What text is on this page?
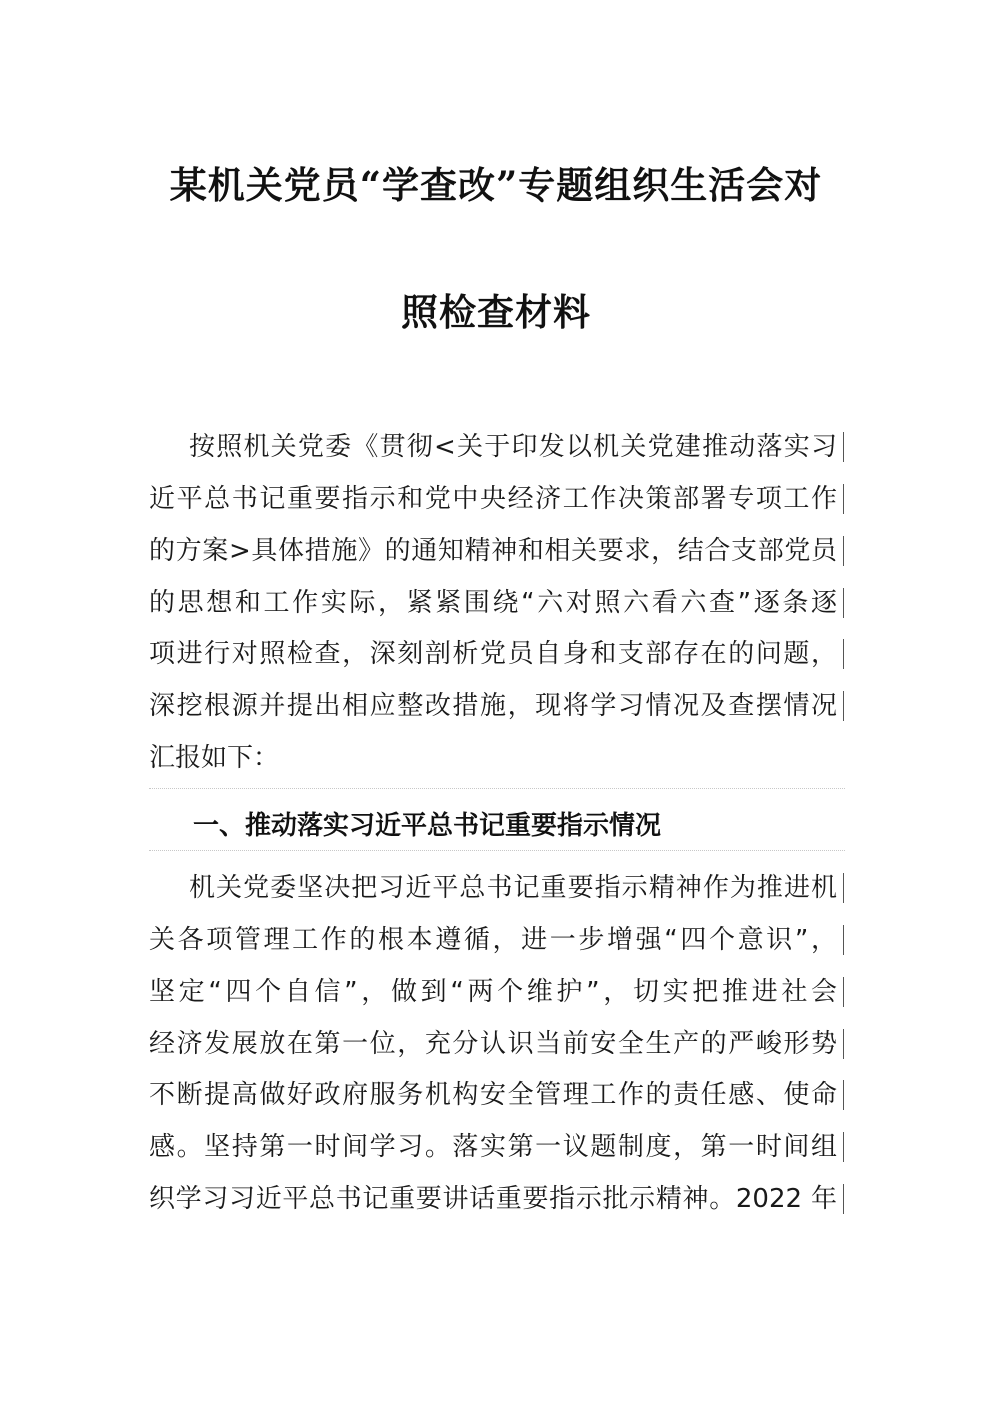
某机关党员“学查改”专题组织生活会对
照检查材料
按照机关党委《贯彻<关于印发以机关党建推动落实习
近平总书记重要指示和党中央经济工作决策部署专项工作
的方案>具体措施》的通知精神和相关要求，结合支部党员
的思想和工作实际，紧紧围绕“六对照六看六查”逐条逐
项进行对照检查，深刻剖析党员自身和支部存在的问题，
深挖根源并提出相应整改措施，现将学习情况及查摆情况
汇报如下：
一、推动落实习近平总书记重要指示情况
机关党委坚决把习近平总书记重要指示精神作为推进机
关各项管理工作的根本遵循，进一步增强“四个意识”，
坚定“四个自信”，做到“两个维护”，切实把推进社会
经济发展放在第一位，充分认识当前安全生产的严峻形势
不断提高做好政府服务机构安全管理工作的责任感、使命
感。坚持第一时间学习。落实第一议题制度，第一时间组
织学习习近平总书记重要讲话重要指示批示精神。2022 年
